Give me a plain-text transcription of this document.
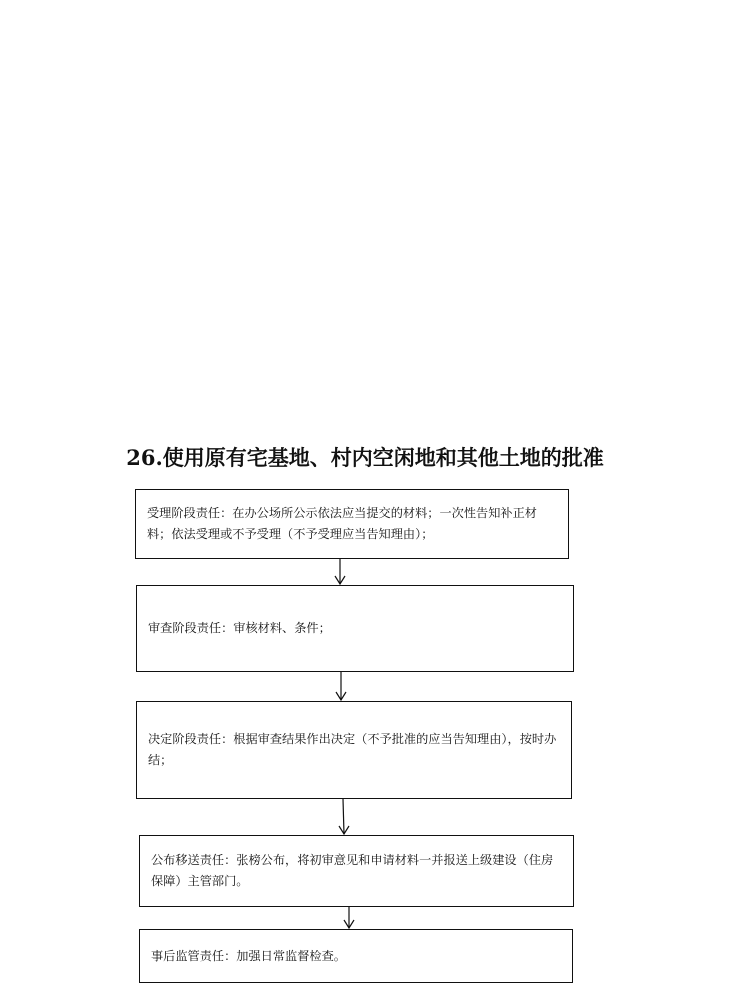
26.使用原有宅基地、村内空闲地和其他土地的批准
受理阶段责任：在办公场所公示依法应当提交的材料；一次性告知补正材料；依法受理或不予受理（不予受理应当告知理由）；
审查阶段责任：审核材料、条件；
决定阶段责任：根据审查结果作出决定（不予批准的应当告知理由），按时办结；
公布移送责任：张榜公布，将初审意见和申请材料一并报送上级建设（住房保障）主管部门。
事后监管责任：加强日常监督检查。
